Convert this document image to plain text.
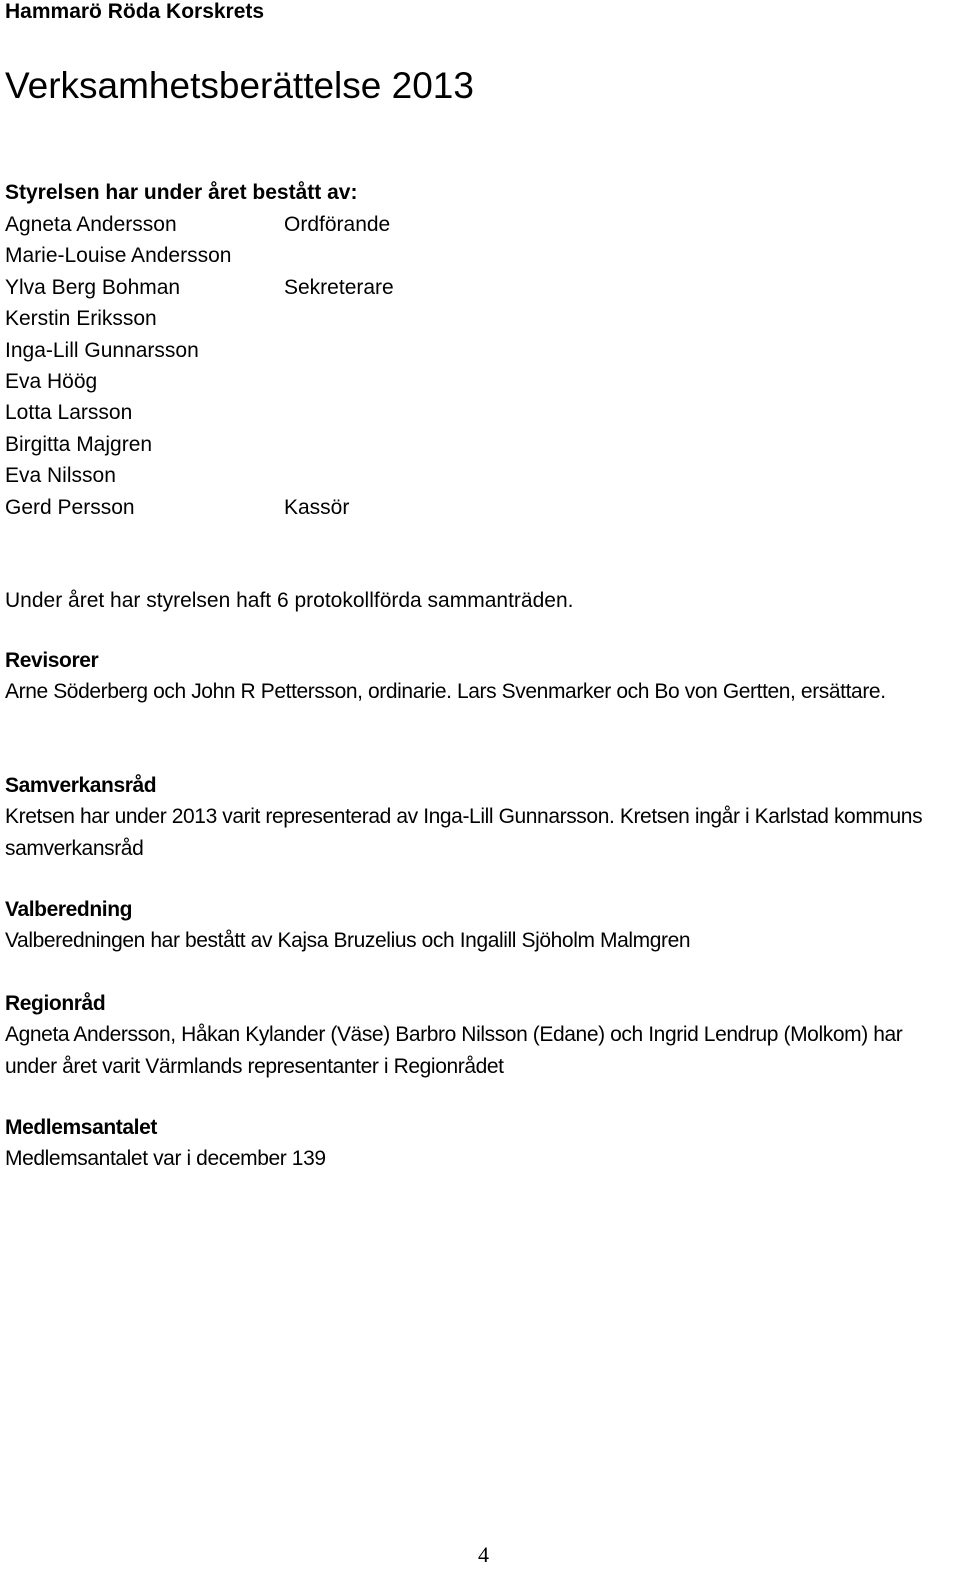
Hammarö Röda Korskrets
Verksamhetsberättelse 2013
Styrelsen har under året bestått av:
Agneta Andersson	Ordförande
Marie-Louise Andersson
Ylva Berg Bohman	Sekreterare
Kerstin Eriksson
Inga-Lill Gunnarsson
Eva Höög
Lotta Larsson
Birgitta Majgren
Eva Nilsson
Gerd Persson	Kassör
Under året har styrelsen haft 6 protokollförda sammanträden.

Revisorer

Arne Söderberg och John R Pettersson, ordinarie. Lars Svenmarker och Bo von Gertten, ersättare.

Samverkansråd

Kretsen har under 2013 varit representerad av Inga-Lill Gunnarsson. Kretsen ingår i Karlstad kommuns samverkansråd

Valberedning

Valberedningen har bestått av Kajsa Bruzelius och Ingalill Sjöholm Malmgren

Regionråd

Agneta Andersson, Håkan Kylander (Väse) Barbro Nilsson (Edane) och Ingrid Lendrup (Molkom) har under året varit Värmlands representanter i Regionrådet

Medlemsantalet

Medlemsantalet var i december 139

4
